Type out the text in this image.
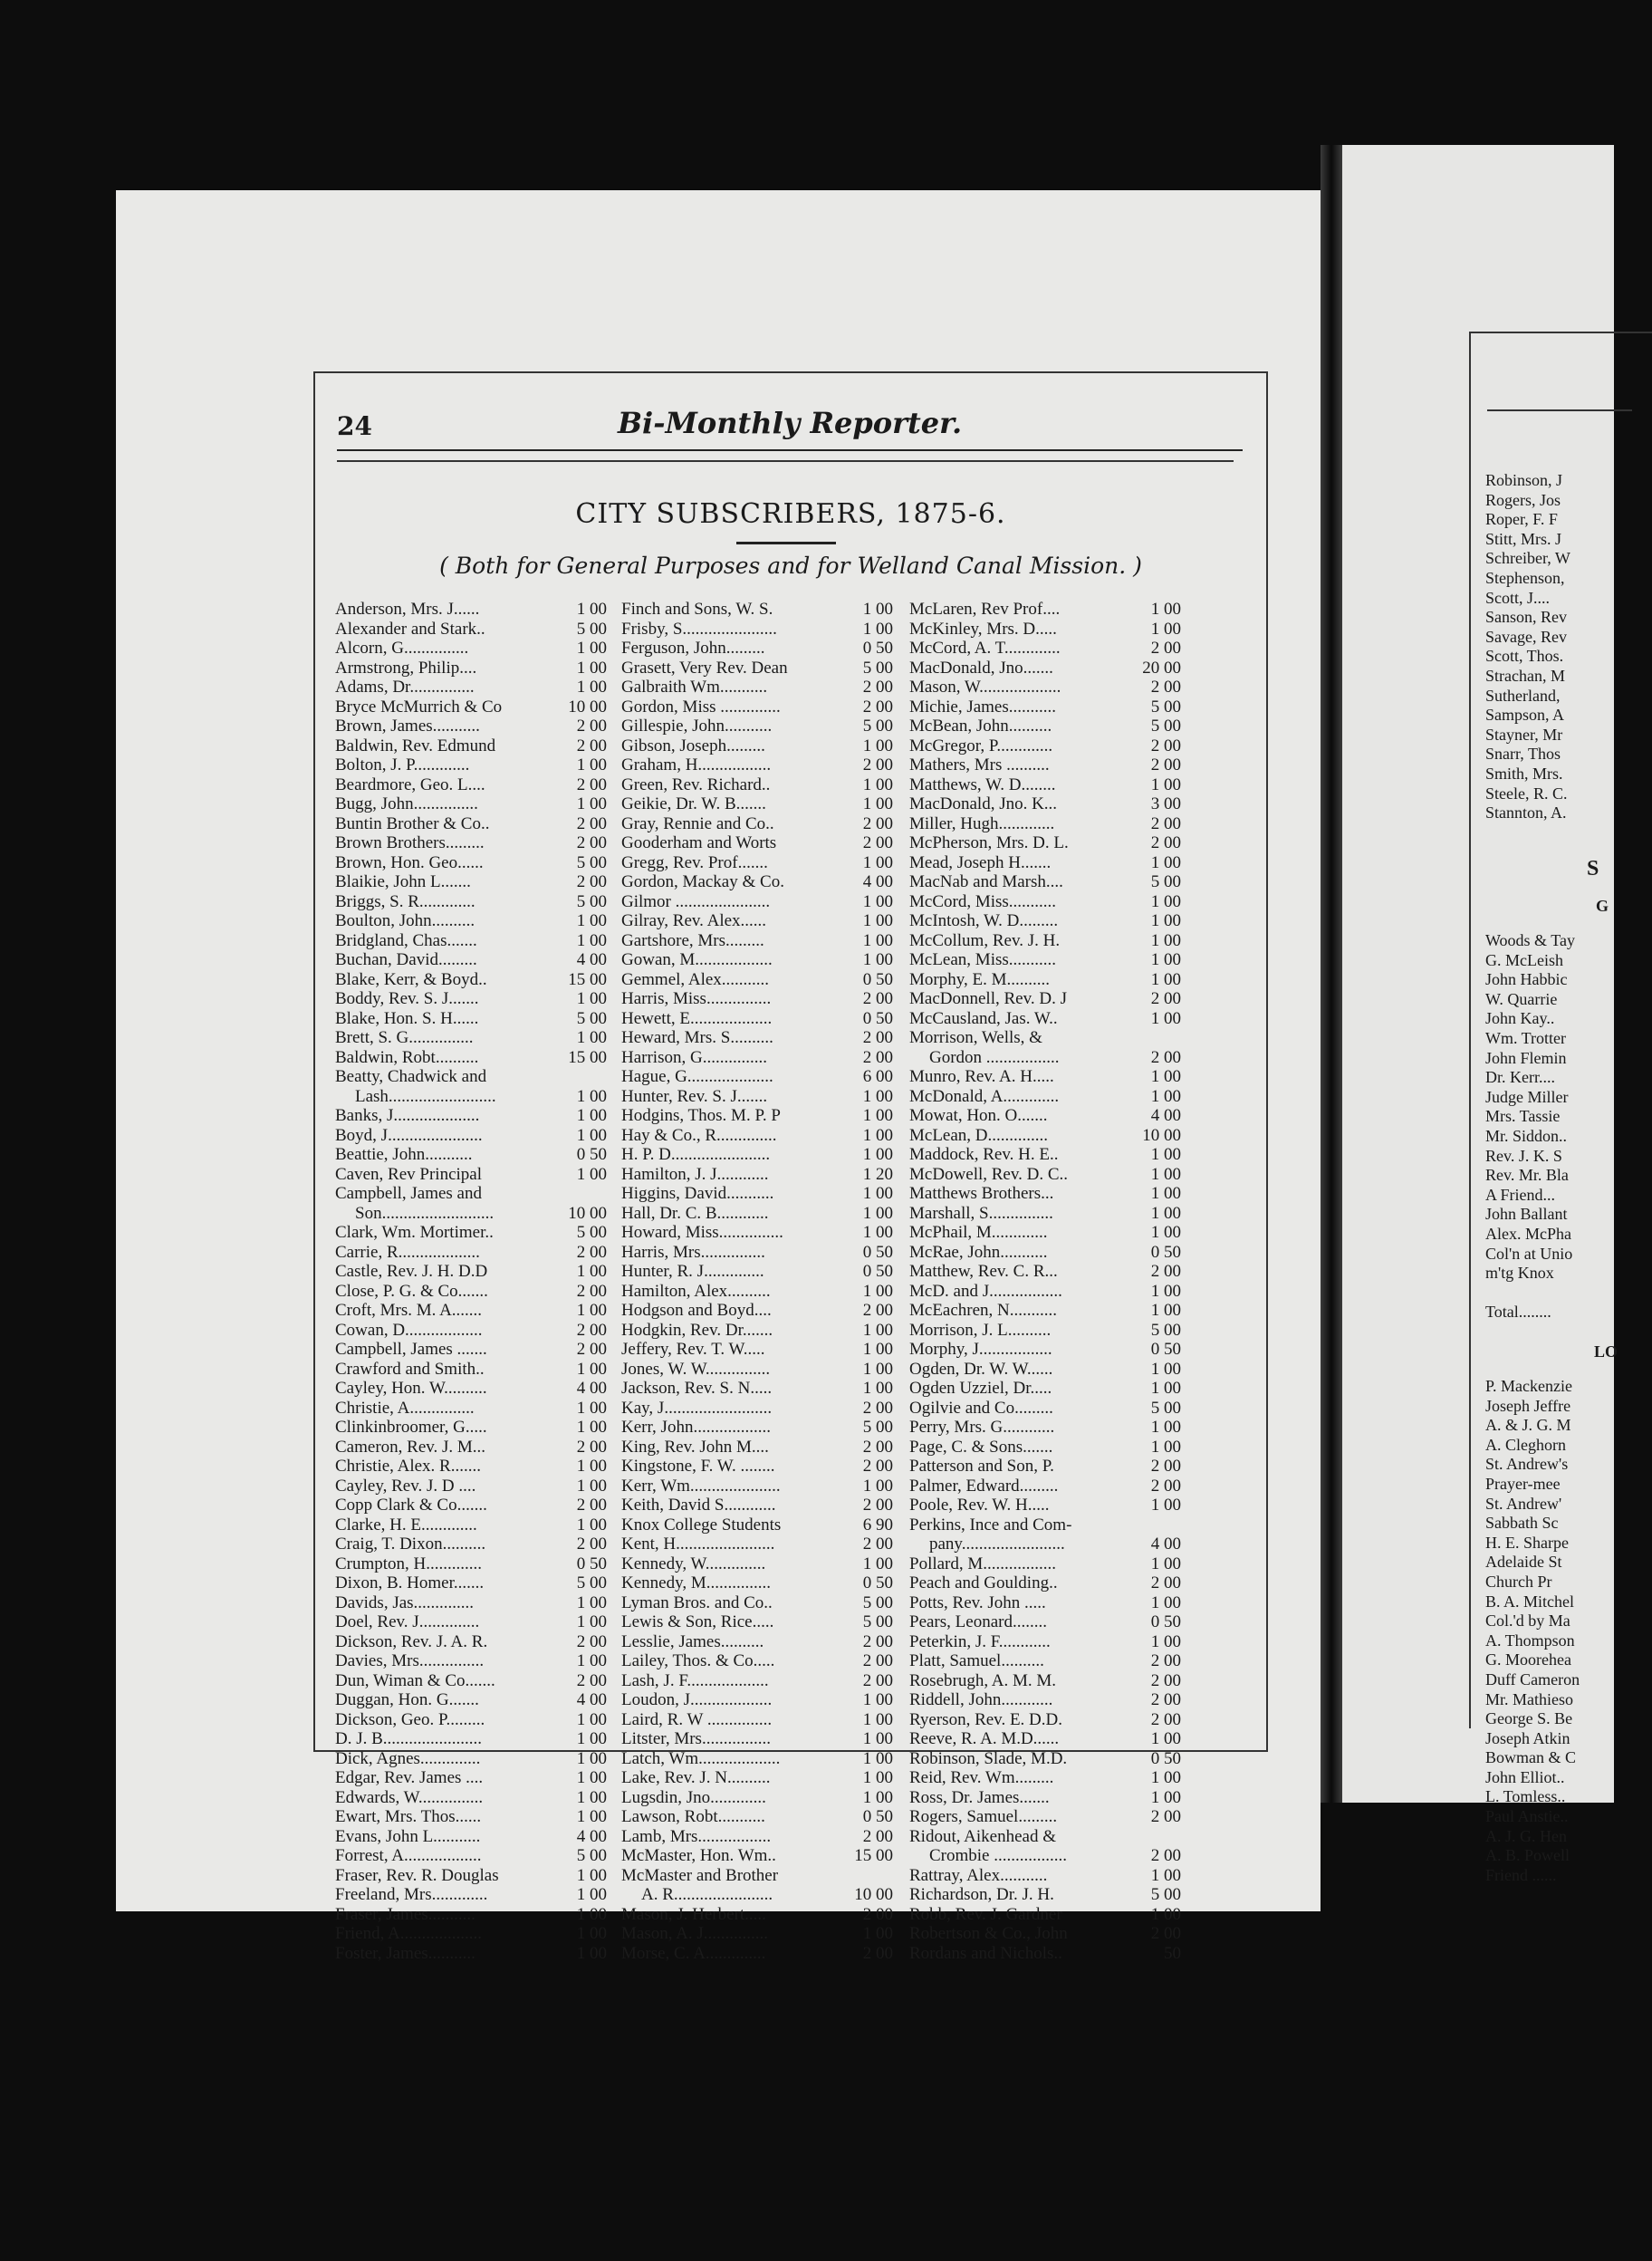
Robinson, J
Rogers, Jos
Roper, F. F
Stitt, Mrs. J
Schreiber, W
Stephenson,
Scott, J....
Sanson, Rev
Savage, Rev
Scott, Thos.
Strachan, M
Sutherland,
Sampson, A
Stayner, Mr
Snarr, Thos
Smith, Mrs.
Steele, R. C.
Stannton, A.
S
G
Woods & Tay
G. McLeish
John Habbic
W. Quarrie
John Kay..
Wm. Trotter
John Flemin
Dr. Kerr....
Judge Miller
Mrs. Tassie
Mr. Siddon..
Rev. J. K. S
Rev. Mr. Bla
A Friend...
John Ballant
Alex. McPha
Col'n at Unio
m'tg Knox
Total........
LO
P. Mackenzie
Joseph Jeffre
A. & J. G. M
A. Cleghorn
St. Andrew's
Prayer-mee
St. Andrew'
Sabbath Sc
H. E. Sharpe
Adelaide St
Church Pr
B. A. Mitchel
Col.'d by Ma
A. Thompson
G. Moorehea
Duff Cameron
Mr. Mathieso
George S. Be
Joseph Atkin
Bowman & C
John Elliot..
L. Tomless..
Paul Anstie..
A. J. G. Hen
A. B. Powell
Friend ......
24	Bi-Monthly Reporter.
CITY SUBSCRIBERS, 1875-6.
( Both for General Purposes and for Welland Canal Mission. )
Anderson, Mrs. J......	1 00
Alexander and Stark..	5 00
Alcorn, G...............	1 00
Armstrong, Philip....	1 00
Adams, Dr...............	1 00
Bryce McMurrich & Co	10 00
Brown, James...........	2 00
Baldwin, Rev. Edmund	2 00
Bolton, J. P.............	1 00
Beardmore, Geo. L....	2 00
Bugg, John...............	1 00
Buntin Brother & Co..	2 00
Brown Brothers.........	2 00
Brown, Hon. Geo......	5 00
Blaikie, John L.......	2 00
Briggs, S. R.............	5 00
Boulton, John..........	1 00
Bridgland, Chas.......	1 00
Buchan, David.........	4 00
Blake, Kerr, & Boyd..	15 00
Boddy, Rev. S. J.......	1 00
Blake, Hon. S. H......	5 00
Brett, S. G...............	1 00
Baldwin, Robt..........	15 00
Beatty, Chadwick and
Lash.........................	1 00
Banks, J....................	1 00
Boyd, J......................	1 00
Beattie, John...........	0 50
Caven, Rev Principal	1 00
Campbell, James and
Son..........................	10 00
Clark, Wm. Mortimer..	5 00
Carrie, R...................	2 00
Castle, Rev. J. H. D.D	1 00
Close, P. G. & Co.......	2 00
Croft, Mrs. M. A.......	1 00
Cowan, D..................	2 00
Campbell, James .......	2 00
Crawford and Smith..	1 00
Cayley, Hon. W..........	4 00
Christie, A...............	1 00
Clinkinbroomer, G.....	1 00
Cameron, Rev. J. M...	2 00
Christie, Alex. R.......	1 00
Cayley, Rev. J. D ....	1 00
Copp Clark & Co.......	2 00
Clarke, H. E.............	1 00
Craig, T. Dixon..........	2 00
Crumpton, H.............	0 50
Dixon, B. Homer.......	5 00
Davids, Jas..............	1 00
Doel, Rev. J..............	1 00
Dickson, Rev. J. A. R.	2 00
Davies, Mrs...............	1 00
Dun, Wiman & Co.......	2 00
Duggan, Hon. G.......	4 00
Dickson, Geo. P.........	1 00
D. J. B.......................	1 00
Dick, Agnes..............	1 00
Edgar, Rev. James ....	1 00
Edwards, W...............	1 00
Ewart, Mrs. Thos......	1 00
Evans, John L...........	4 00
Forrest, A..................	5 00
Fraser, Rev. R. Douglas	1 00
Freeland, Mrs.............	1 00
Fraser, James...........	1 00
Friend, A...................	1 00
Foster, James...........	1 00
Finch and Sons, W. S.	1 00
Frisby, S......................	1 00
Ferguson, John.........	0 50
Grasett, Very Rev. Dean	5 00
Galbraith Wm...........	2 00
Gordon, Miss ..............	2 00
Gillespie, John...........	5 00
Gibson, Joseph.........	1 00
Graham, H.................	2 00
Green, Rev. Richard..	1 00
Geikie, Dr. W. B.......	1 00
Gray, Rennie and Co..	2 00
Gooderham and Worts	2 00
Gregg, Rev. Prof.......	1 00
Gordon, Mackay & Co.	4 00
Gilmor ......................	1 00
Gilray, Rev. Alex......	1 00
Gartshore, Mrs.........	1 00
Gowan, M..................	1 00
Gemmel, Alex...........	0 50
Harris, Miss...............	2 00
Hewett, E...................	0 50
Heward, Mrs. S..........	2 00
Harrison, G...............	2 00
Hague, G....................	6 00
Hunter, Rev. S. J.......	1 00
Hodgins, Thos. M. P. P	1 00
Hay & Co., R..............	1 00
H. P. D.......................	1 00
Hamilton, J. J............	1 20
Higgins, David...........	1 00
Hall, Dr. C. B............	1 00
Howard, Miss...............	1 00
Harris, Mrs...............	0 50
Hunter, R. J..............	0 50
Hamilton, Alex..........	1 00
Hodgson and Boyd....	2 00
Hodgkin, Rev. Dr.......	1 00
Jeffery, Rev. T. W.....	1 00
Jones, W. W...............	1 00
Jackson, Rev. S. N.....	1 00
Kay, J.........................	2 00
Kerr, John..................	5 00
King, Rev. John M....	2 00
Kingstone, F. W. ........	2 00
Kerr, Wm.....................	1 00
Keith, David S............	2 00
Knox College Students	6 90
Kent, H.......................	2 00
Kennedy, W..............	1 00
Kennedy, M...............	0 50
Lyman Bros. and Co..	5 00
Lewis & Son, Rice.....	5 00
Lesslie, James..........	2 00
Lailey, Thos. & Co.....	2 00
Lash, J. F...................	2 00
Loudon, J...................	1 00
Laird, R. W ...............	1 00
Litster, Mrs................	1 00
Latch, Wm...................	1 00
Lake, Rev. J. N..........	1 00
Lugsdin, Jno.............	1 00
Lawson, Robt...........	0 50
Lamb, Mrs.................	2 00
McMaster, Hon. Wm..	15 00
McMaster and Brother
A. R.......................	10 00
Mason, J. Herbert.....	2 00
Mason, A. J...............	1 00
Morse, C. A..............	2 00
McLaren, Rev Prof....	1 00
McKinley, Mrs. D.....	1 00
McCord, A. T.............	2 00
MacDonald, Jno.......	20 00
Mason, W...................	2 00
Michie, James...........	5 00
McBean, John..........	5 00
McGregor, P.............	2 00
Mathers, Mrs ..........	2 00
Matthews, W. D........	1 00
MacDonald, Jno. K...	3 00
Miller, Hugh.............	2 00
McPherson, Mrs. D. L.	2 00
Mead, Joseph H.......	1 00
MacNab and Marsh....	5 00
McCord, Miss...........	1 00
McIntosh, W. D.........	1 00
McCollum, Rev. J. H.	1 00
McLean, Miss...........	1 00
Morphy, E. M..........	1 00
MacDonnell, Rev. D. J	2 00
McCausland, Jas. W..	1 00
Morrison, Wells, &
Gordon .................	2 00
Munro, Rev. A. H.....	1 00
McDonald, A.............	1 00
Mowat, Hon. O.......	4 00
McLean, D..............	10 00
Maddock, Rev. H. E..	1 00
McDowell, Rev. D. C..	1 00
Matthews Brothers...	1 00
Marshall, S...............	1 00
McPhail, M.............	1 00
McRae, John...........	0 50
Matthew, Rev. C. R...	2 00
McD. and J.................	1 00
McEachren, N...........	1 00
Morrison, J. L..........	5 00
Morphy, J.................	0 50
Ogden, Dr. W. W......	1 00
Ogden Uzziel, Dr.....	1 00
Ogilvie and Co.........	5 00
Perry, Mrs. G............	1 00
Page, C. & Sons.......	1 00
Patterson and Son, P.	2 00
Palmer, Edward.........	2 00
Poole, Rev. W. H.....	1 00
Perkins, Ince and Com-
pany........................	4 00
Pollard, M.................	1 00
Peach and Goulding..	2 00
Potts, Rev. John .....	1 00
Pears, Leonard........	0 50
Peterkin, J. F............	1 00
Platt, Samuel..........	2 00
Rosebrugh, A. M. M.	2 00
Riddell, John............	2 00
Ryerson, Rev. E. D.D.	2 00
Reeve, R. A. M.D......	1 00
Robinson, Slade, M.D.	0 50
Reid, Rev. Wm.........	1 00
Ross, Dr. James.......	1 00
Rogers, Samuel.........	2 00
Ridout, Aikenhead &
Crombie .................	2 00
Rattray, Alex...........	1 00
Richardson, Dr. J. H.	5 00
Robb, Rev. J. Gardner	1 00
Robertson & Co., John	2 00
Rordans and Nichols..	50
